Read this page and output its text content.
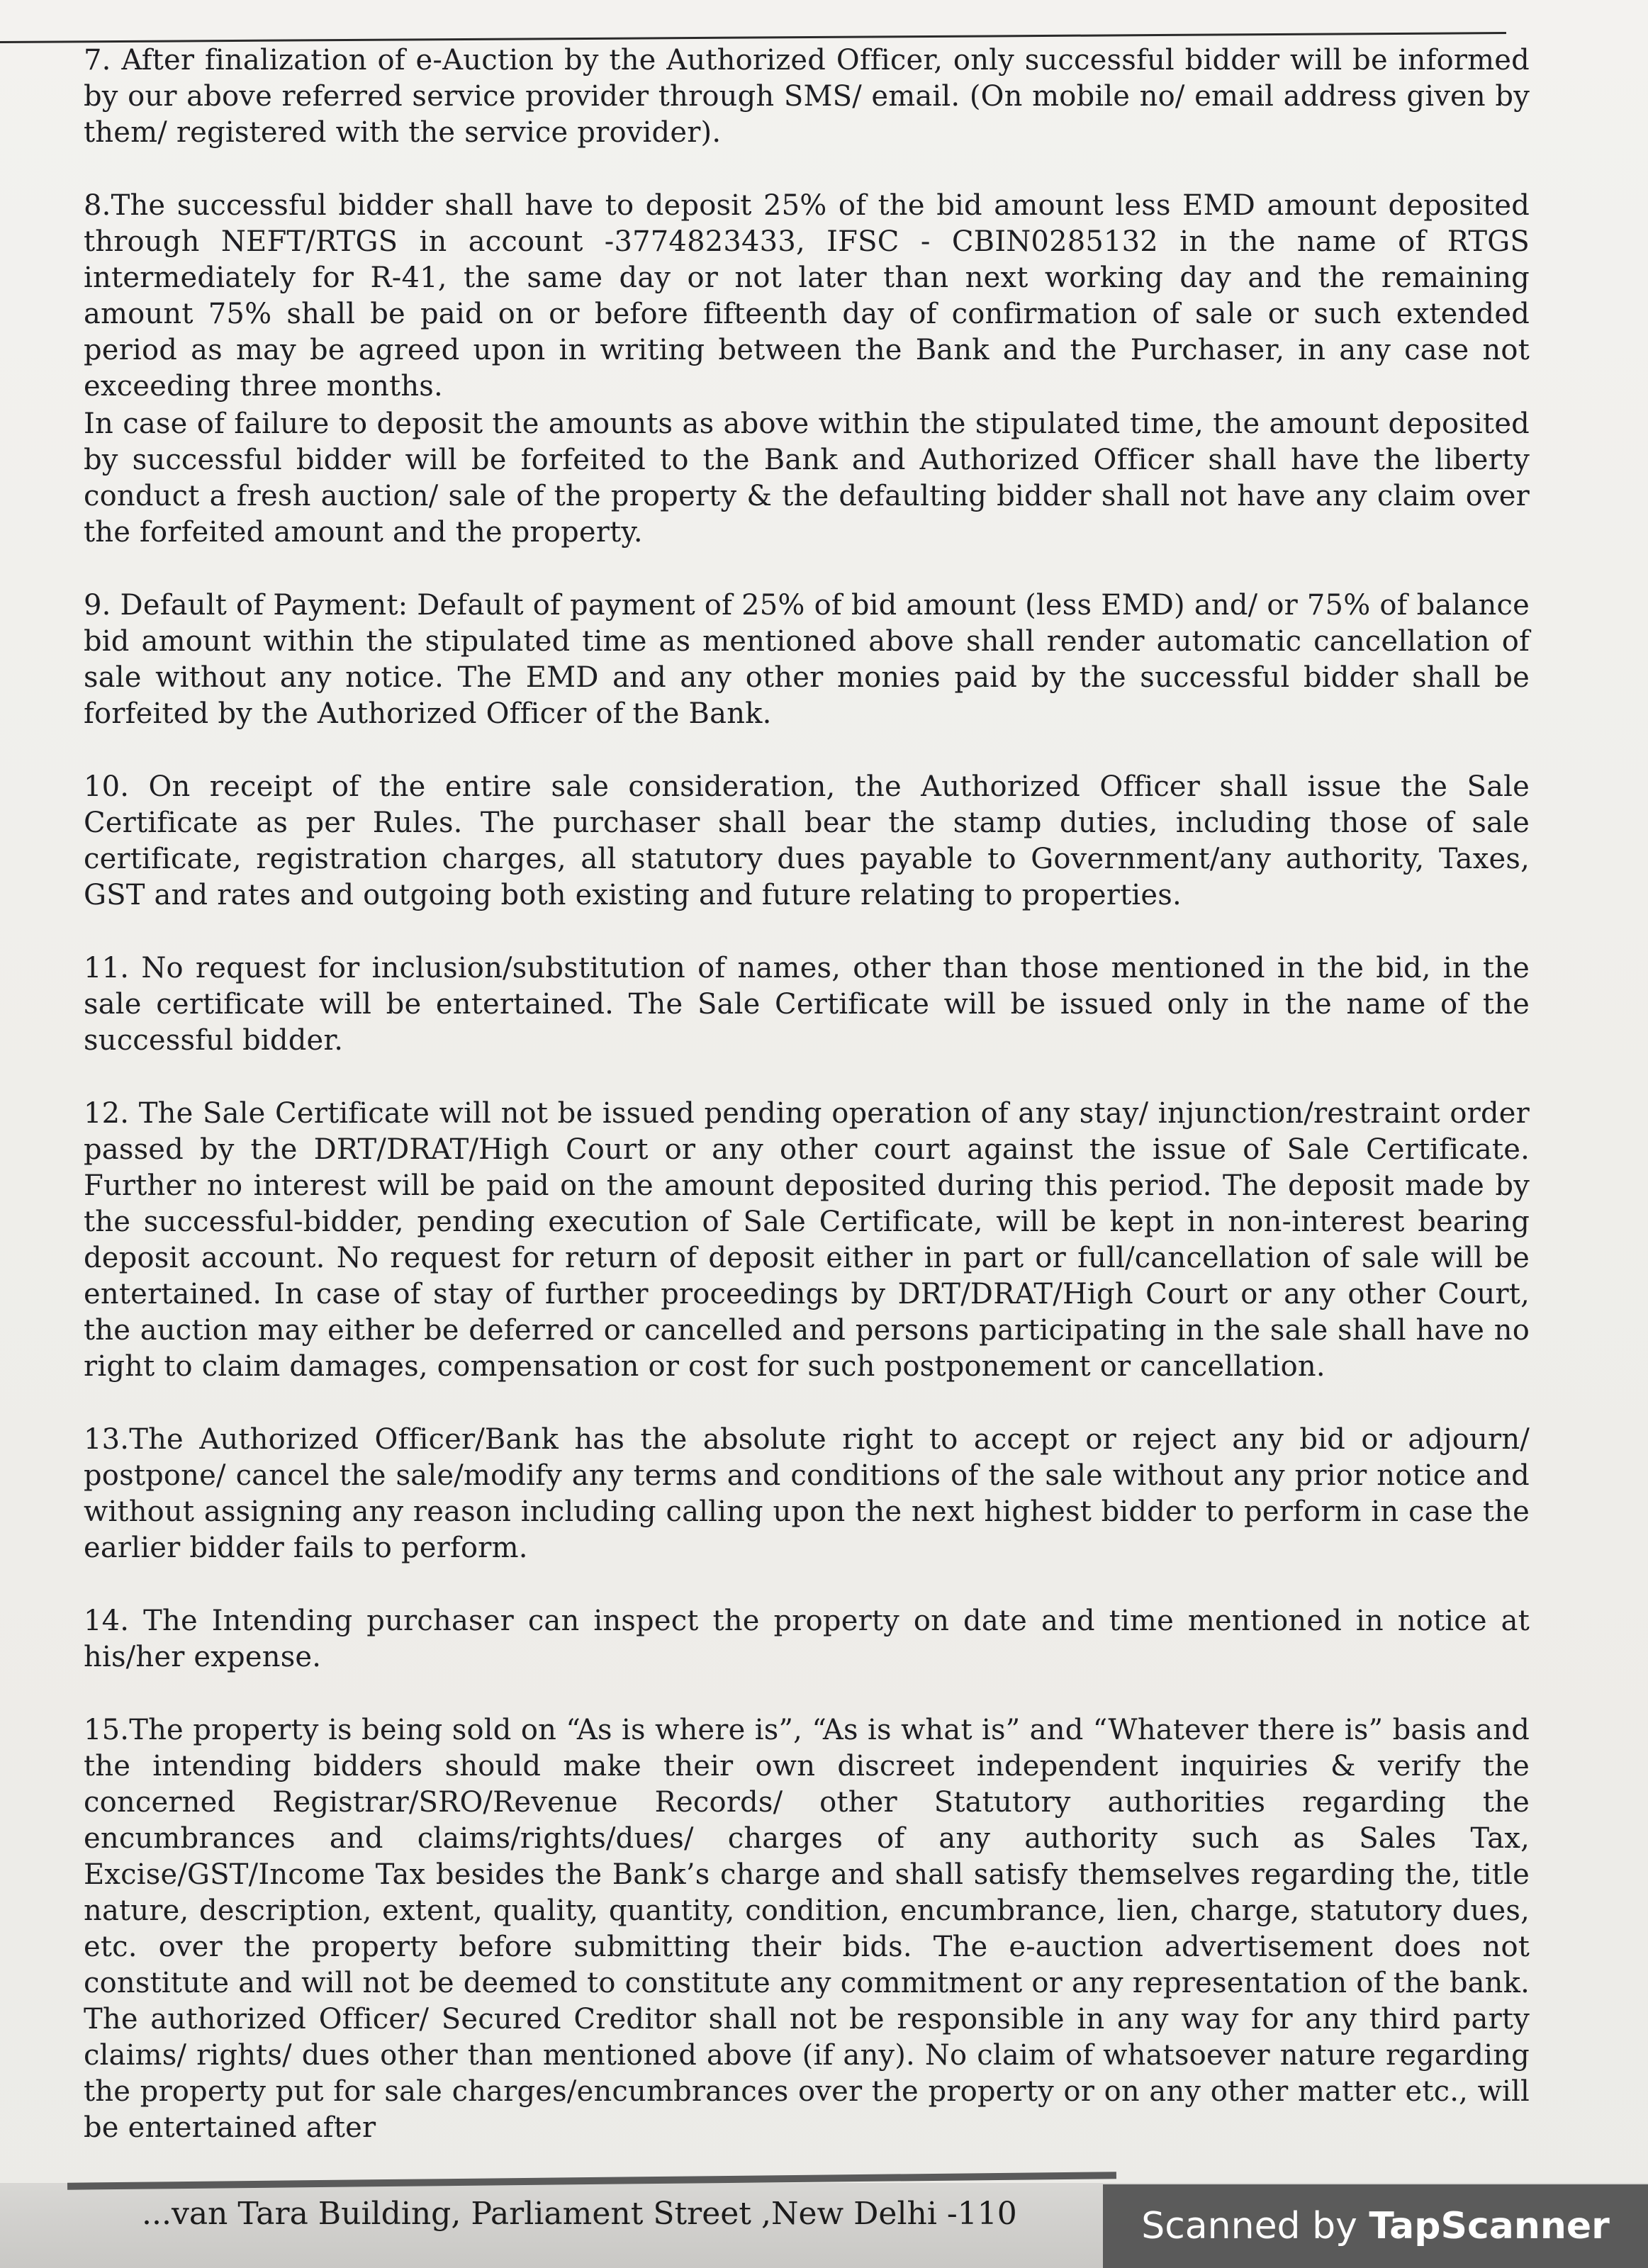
7. After finalization of e-Auction by the Authorized Officer, only successful bidder will be informed by our above referred service provider through SMS/ email. (On mobile no/ email address given by them/ registered with the service provider).

8.The successful bidder shall have to deposit 25% of the bid amount less EMD amount deposited through NEFT/RTGS in account -3774823433, IFSC - CBIN0285132 in the name of RTGS intermediately for R-41, the same day or not later than next working day and the remaining amount 75% shall be paid on or before fifteenth day of confirmation of sale or such extended period as may be agreed upon in writing between the Bank and the Purchaser, in any case not exceeding three months.

In case of failure to deposit the amounts as above within the stipulated time, the amount deposited by successful bidder will be forfeited to the Bank and Authorized Officer shall have the liberty conduct a fresh auction/ sale of the property & the defaulting bidder shall not have any claim over the forfeited amount and the property.

9. Default of Payment: Default of payment of 25% of bid amount (less EMD) and/ or 75% of balance bid amount within the stipulated time as mentioned above shall render automatic cancellation of sale without any notice. The EMD and any other monies paid by the successful bidder shall be forfeited by the Authorized Officer of the Bank.

10. On receipt of the entire sale consideration, the Authorized Officer shall issue the Sale Certificate as per Rules. The purchaser shall bear the stamp duties, including those of sale certificate, registration charges, all statutory dues payable to Government/any authority, Taxes, GST and rates and outgoing both existing and future relating to properties.

11. No request for inclusion/substitution of names, other than those mentioned in the bid, in the sale certificate will be entertained. The Sale Certificate will be issued only in the name of the successful bidder.

12. The Sale Certificate will not be issued pending operation of any stay/ injunction/restraint order passed by the DRT/DRAT/High Court or any other court against the issue of Sale Certificate. Further no interest will be paid on the amount deposited during this period. The deposit made by the successful-bidder, pending execution of Sale Certificate, will be kept in non-interest bearing deposit account. No request for return of deposit either in part or full/cancellation of sale will be entertained. In case of stay of further proceedings by DRT/DRAT/High Court or any other Court, the auction may either be deferred or cancelled and persons participating in the sale shall have no right to claim damages, compensation or cost for such postponement or cancellation.

13.The Authorized Officer/Bank has the absolute right to accept or reject any bid or adjourn/ postpone/ cancel the sale/modify any terms and conditions of the sale without any prior notice and without assigning any reason including calling upon the next highest bidder to perform in case the earlier bidder fails to perform.

14. The Intending purchaser can inspect the property on date and time mentioned in notice at his/her expense.

15.The property is being sold on “As is where is”, “As is what is” and “Whatever there is” basis and the intending bidders should make their own discreet independent inquiries & verify the concerned Registrar/SRO/Revenue Records/ other Statutory authorities regarding the encumbrances and claims/rights/dues/ charges of any authority such as Sales Tax, Excise/GST/Income Tax besides the Bank’s charge and shall satisfy themselves regarding the, title nature, description, extent, quality, quantity, condition, encumbrance, lien, charge, statutory dues, etc. over the property before submitting their bids. The e-auction advertisement does not constitute and will not be deemed to constitute any commitment or any representation of the bank. The authorized Officer/ Secured Creditor shall not be responsible in any way for any third party claims/ rights/ dues other than mentioned above (if any). No claim of whatsoever nature regarding the property put for sale charges/encumbrances over the property or on any other matter etc., will be entertained after

...van Tara Building, Parliament Street ,New Delhi -110	Scanned by TapScanner
